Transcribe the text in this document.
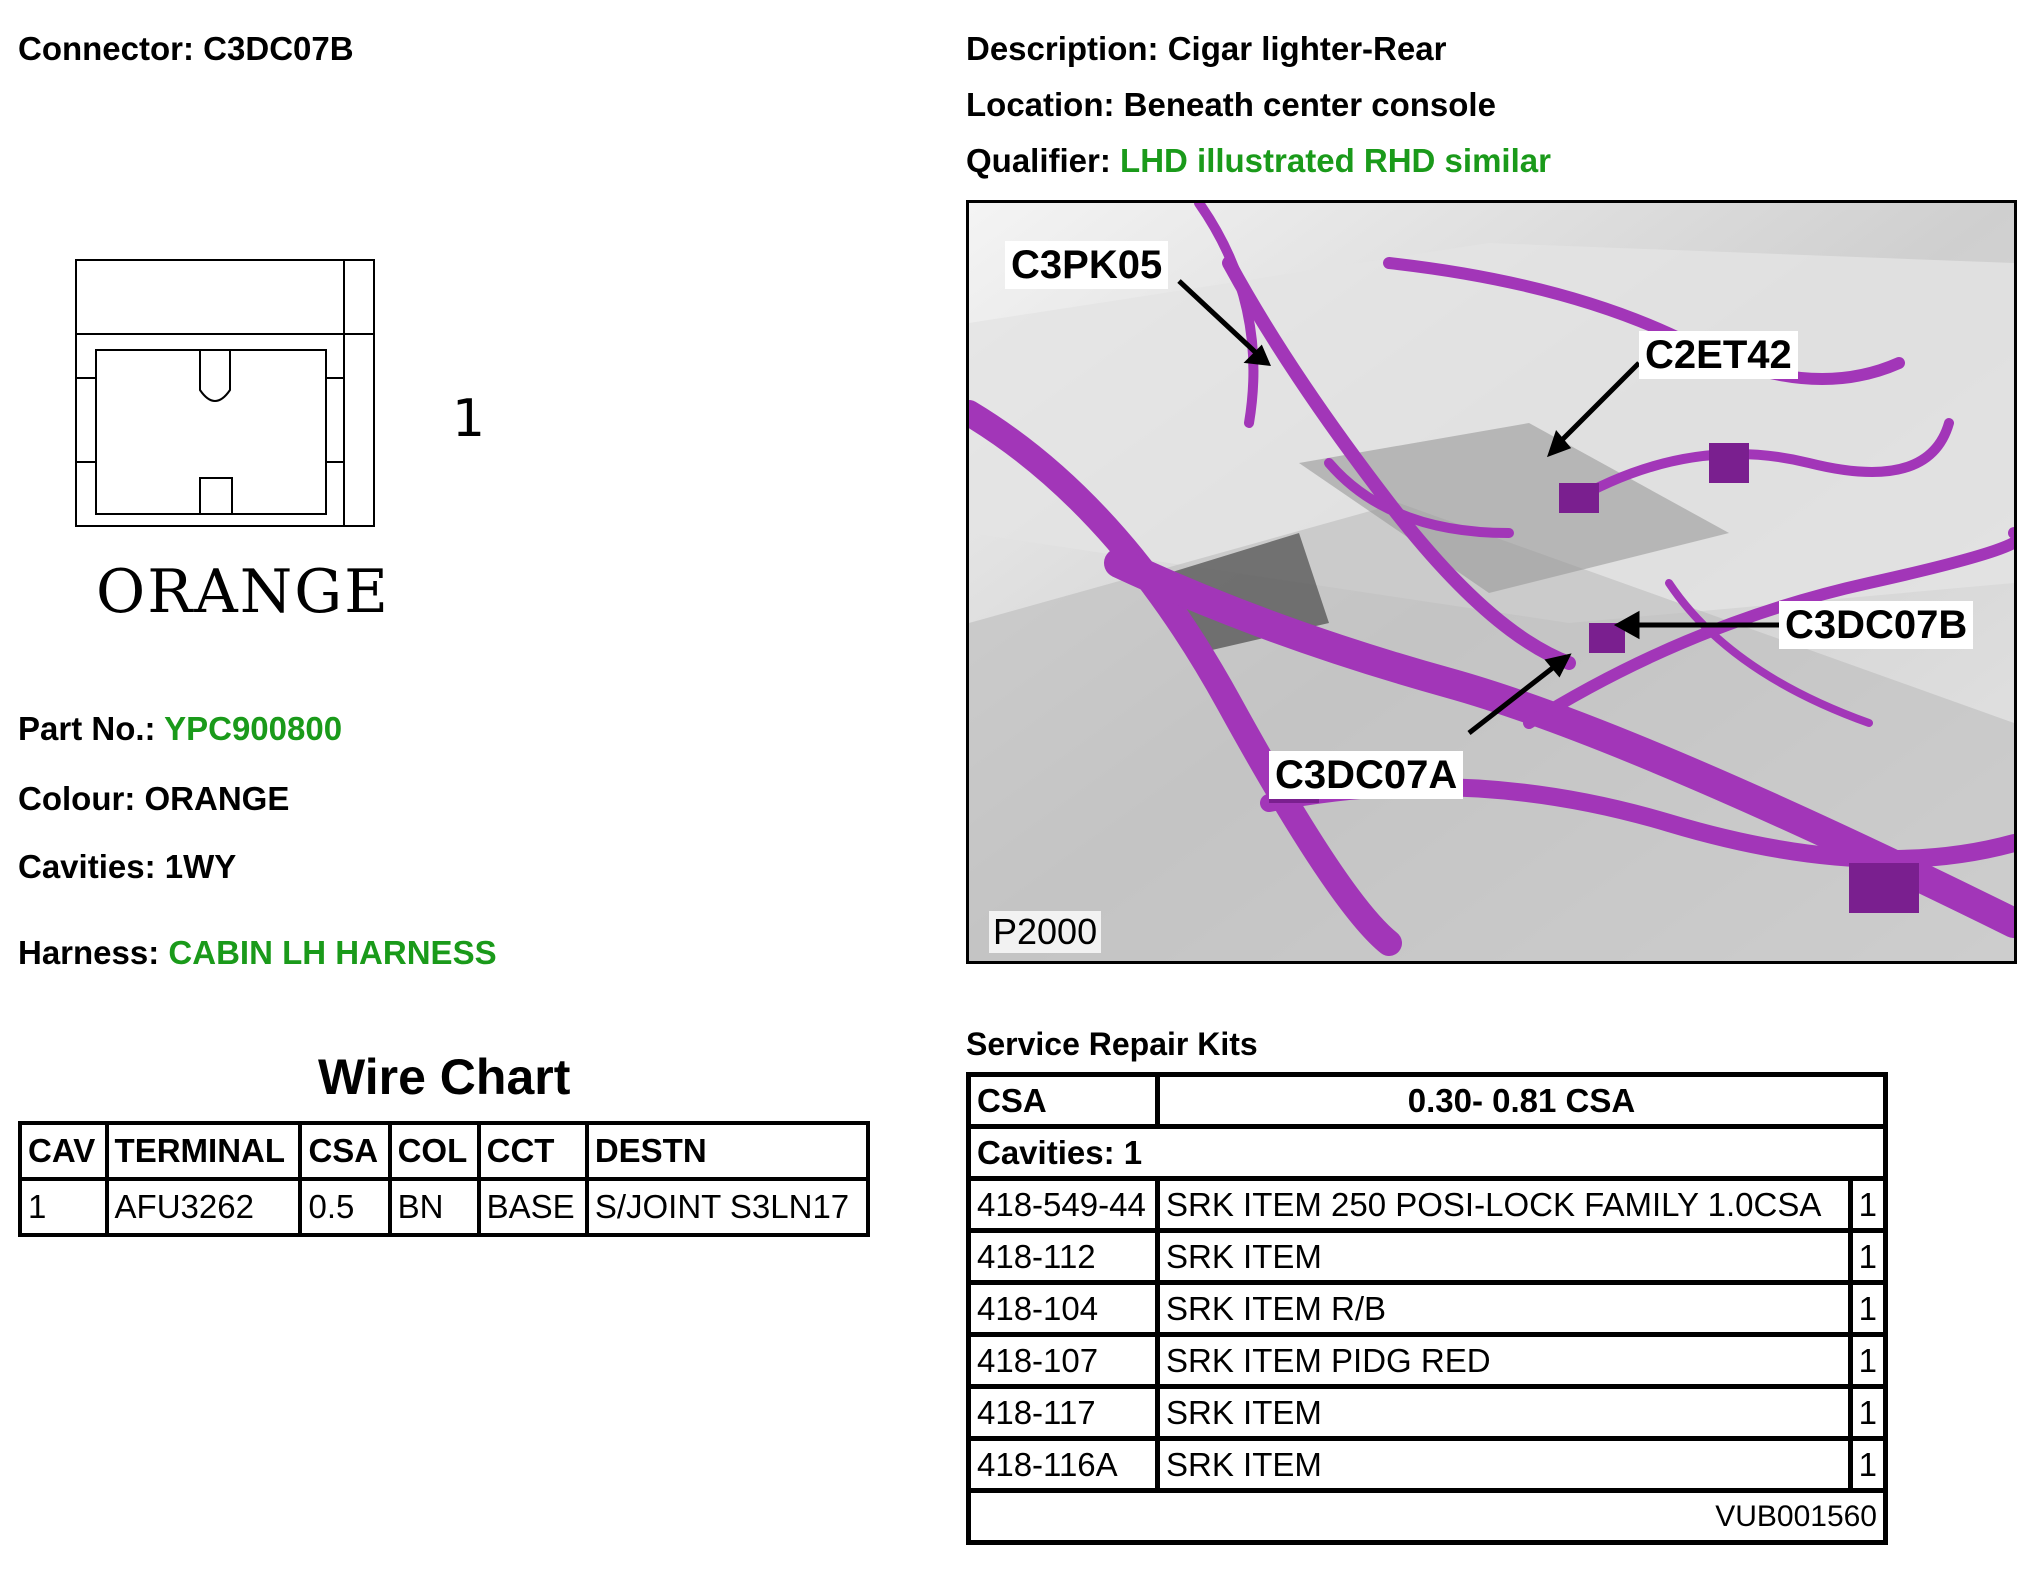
Connector: C3DC07B	Description: Cigar lighter-Rear
Location: Beneath center console
Qualifier: LHD illustrated RHD similar
1
ORANGE
Part No.: YPC900800
Colour: ORANGE
Cavities: 1WY
Harness: CABIN LH HARNESS
Wire Chart
CAV	TERMINAL	CSA	COL	CCT	DESTN
1	AFU3262	0.5	BN	BASE	S/JOINT S3LN17
C3PK05
C2ET42
C3DC07B
C3DC07A
P2000
Service Repair Kits
CSA	0.30- 0.81 CSA	
Cavities: 1		
418-549-44	SRK ITEM 250 POSI-LOCK FAMILY 1.0CSA	1
418-112	SRK ITEM	1
418-104	SRK ITEM R/B	1
418-107	SRK ITEM PIDG RED	1
418-117	SRK ITEM	1
418-116A	SRK ITEM	1
VUB001560		
